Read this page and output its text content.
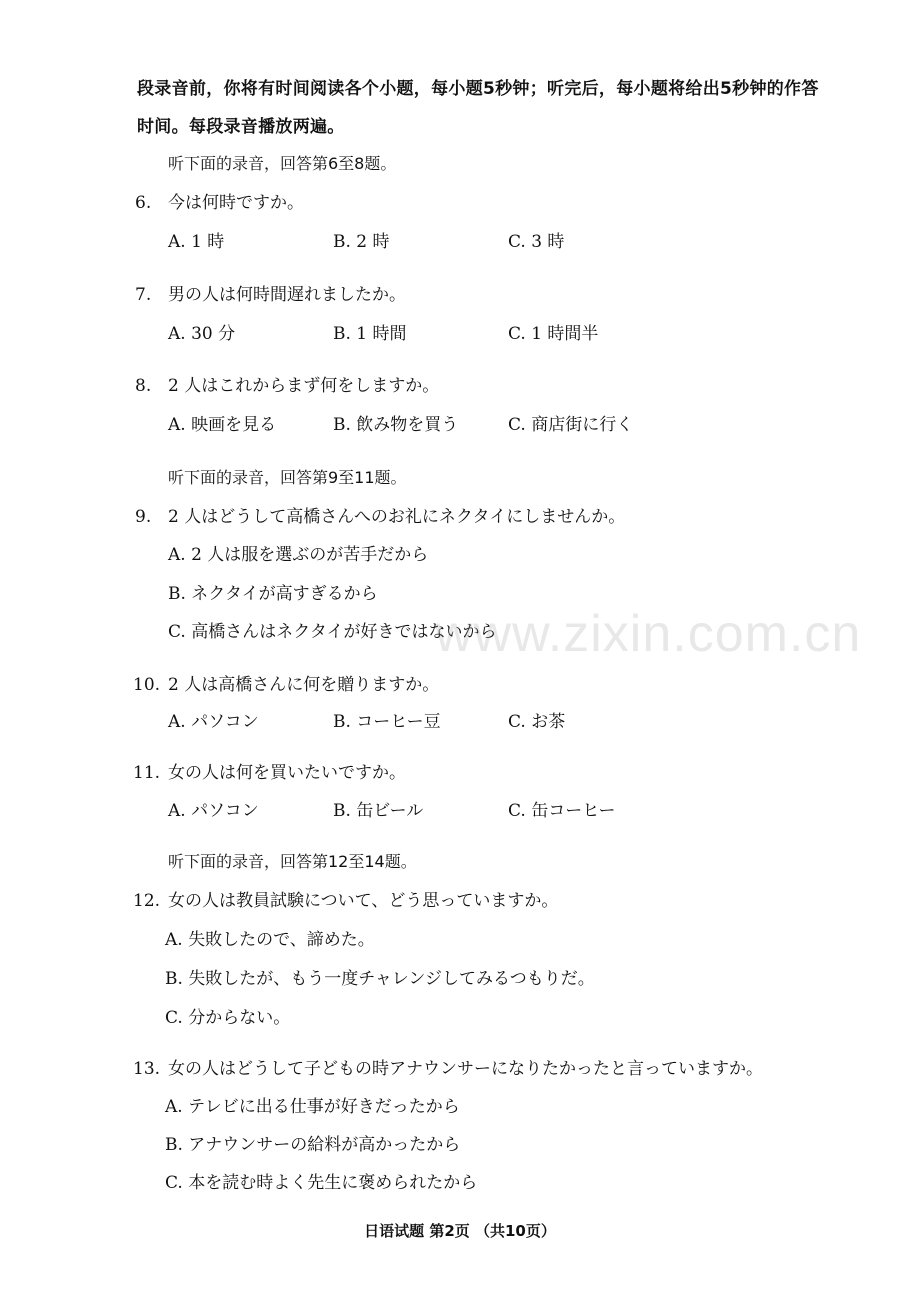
段录音前，你将有时间阅读各个小题，每小题5秒钟；听完后，每小题将给出5秒钟的作答
时间。每段录音播放两遍。
听下面的录音，回答第6至8题。
6. 今は何時ですか。
A. 1 時	B. 2 時	C. 3 時
7. 男の人は何時間遅れましたか。
A. 30 分	B. 1 時間	C. 1 時間半
8. 2 人はこれからまず何をしますか。
A. 映画を見る	B. 飲み物を買う	C. 商店街に行く
听下面的录音，回答第9至11题。
9. 2 人はどうして高橋さんへのお礼にネクタイにしませんか。
A. 2 人は服を選ぶのが苦手だから
B. ネクタイが高すぎるから
C. 高橋さんはネクタイが好きではないから
10. 2 人は高橋さんに何を贈りますか。
A. パソコン	B. コーヒー豆	C. お茶
11. 女の人は何を買いたいですか。
A. パソコン	B. 缶ビール	C. 缶コーヒー
听下面的录音，回答第12至14题。
12. 女の人は教員試験について、どう思っていますか。
A. 失敗したので、諦めた。
B. 失敗したが、もう一度チャレンジしてみるつもりだ。
C. 分からない。
13. 女の人はどうして子どもの時アナウンサーになりたかったと言っていますか。
A. テレビに出る仕事が好きだったから
B. アナウンサーの給料が高かったから
C. 本を読む時よく先生に褒められたから
www.zixin.com.cn
日语试题 第2页 （共10页）
